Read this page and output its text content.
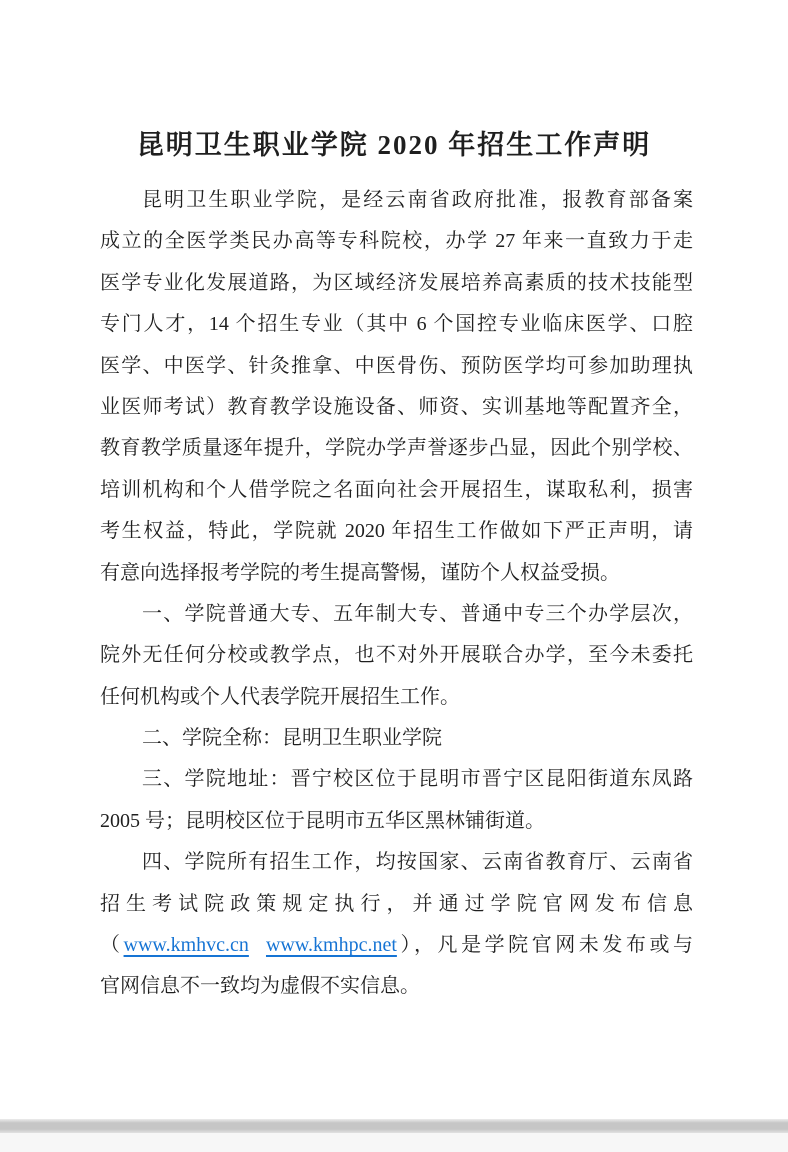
昆明卫生职业学院 2020 年招生工作声明
昆明卫生职业学院，是经云南省政府批准，报教育部备案
成立的全医学类民办高等专科院校，办学 27 年来一直致力于走
医学专业化发展道路，为区域经济发展培养高素质的技术技能型
专门人才，14 个招生专业（其中 6 个国控专业临床医学、口腔
医学、中医学、针灸推拿、中医骨伤、预防医学均可参加助理执
业医师考试）教育教学设施设备、师资、实训基地等配置齐全，
教育教学质量逐年提升，学院办学声誉逐步凸显，因此个别学校、
培训机构和个人借学院之名面向社会开展招生，谋取私利，损害
考生权益，特此，学院就 2020 年招生工作做如下严正声明，请
有意向选择报考学院的考生提高警惕，谨防个人权益受损。
一、学院普通大专、五年制大专、普通中专三个办学层次，
院外无任何分校或教学点，也不对外开展联合办学，至今未委托
任何机构或个人代表学院开展招生工作。
二、学院全称：昆明卫生职业学院
三、学院地址：晋宁校区位于昆明市晋宁区昆阳街道东凤路
2005 号；昆明校区位于昆明市五华区黑林铺街道。
四、学院所有招生工作，均按国家、云南省教育厅、云南省
招生考试院政策规定执行，并通过学院官网发布信息
（www.kmhvc.cn www.kmhpc.net），凡是学院官网未发布或与
官网信息不一致均为虚假不实信息。
